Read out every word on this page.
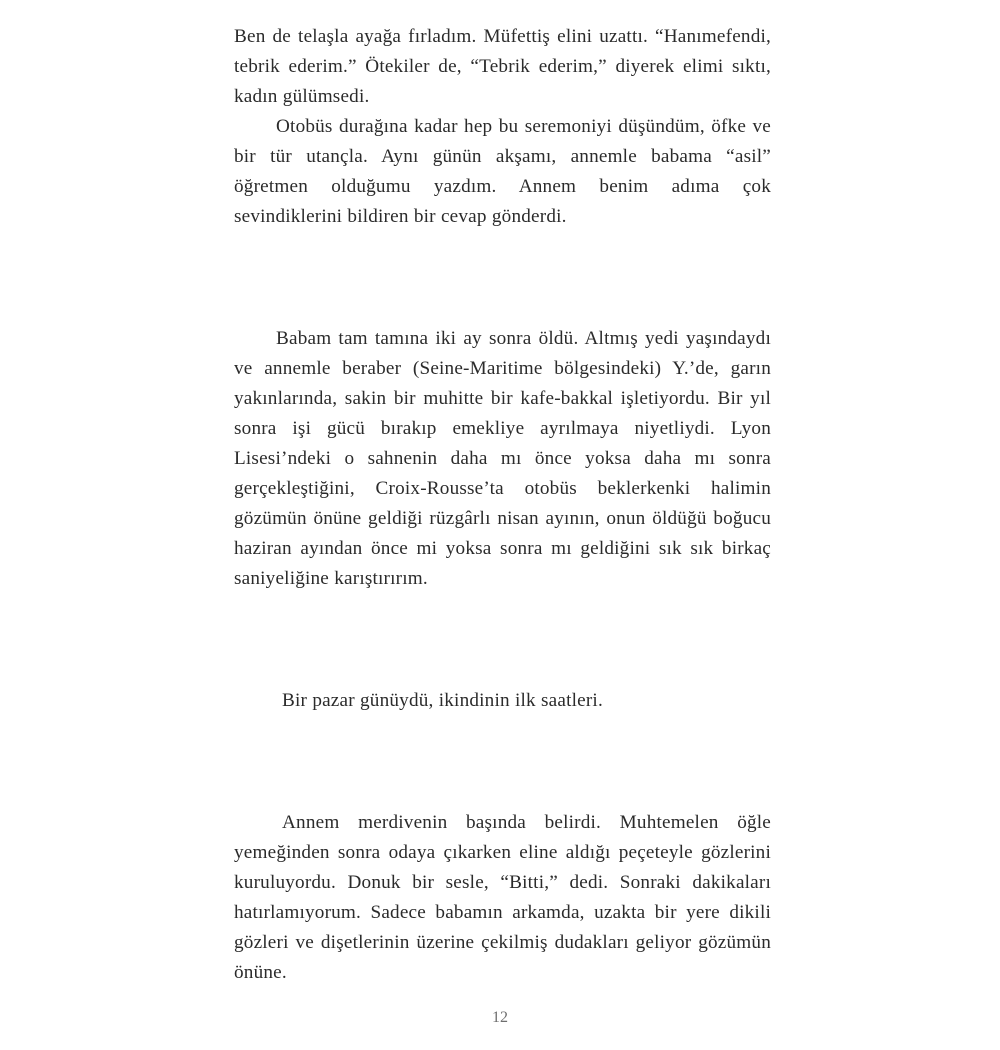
Ben de telaşla ayağa fırladım. Müfettiş elini uzattı. “Hanımefendi, tebrik ederim.” Ötekiler de, “Tebrik ederim,” diyerek elimi sıktı, kadın gülümsedi.

Otobüs durağına kadar hep bu seremoniyi düşündüm, öfke ve bir tür utançla. Aynı günün akşamı, annemle babama “asil” öğretmen olduğumu yazdım. Annem benim adıma çok sevindiklerini bildiren bir cevap gönderdi.

Babam tam tamına iki ay sonra öldü. Altmış yedi yaşındaydı ve annemle beraber (Seine-Maritime bölgesindeki) Y.’de, garın yakınlarında, sakin bir muhitte bir kafe-bakkal işletiyordu. Bir yıl sonra işi gücü bırakıp emekliye ayrılmaya niyetliydi. Lyon Lisesi’ndeki o sahnenin daha mı önce yoksa daha mı sonra gerçekleştiğini, Croix-Rousse’ta otobüs beklerkenki halimin gözümün önüne geldiği rüzgârlı nisan ayının, onun öldüğü boğucu haziran ayından önce mi yoksa sonra mı geldiğini sık sık birkaç saniyeliğine karıştırırım.

Bir pazar günüydü, ikindinin ilk saatleri.

Annem merdivenin başında belirdi. Muhtemelen öğle yemeğinden sonra odaya çıkarken eline aldığı peçeteyle gözlerini kuruluyordu. Donuk bir sesle, “Bitti,” dedi. Sonraki dakikaları hatırlamıyorum. Sadece babamın arkamda, uzakta bir yere dikili gözleri ve dişetlerinin üzerine çekilmiş dudakları geliyor gözümün önüne.

12
